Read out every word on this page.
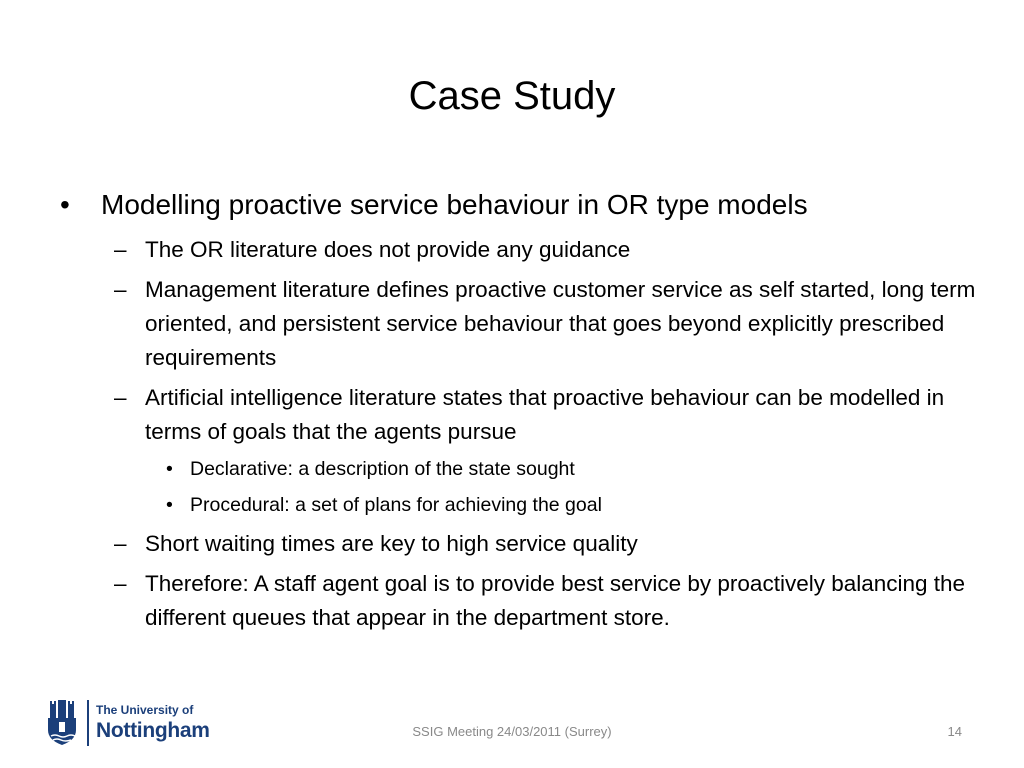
Case Study
• Modelling proactive service behaviour in OR type models
– The OR literature does not provide any guidance
– Management literature defines proactive customer service as self started, long term oriented, and persistent service behaviour that goes beyond explicitly prescribed requirements
– Artificial intelligence literature states that proactive behaviour can be modelled in terms of goals that the agents pursue
• Declarative: a description of the state sought
• Procedural: a set of plans for achieving the goal
– Short waiting times are key to high service quality
– Therefore: A staff agent goal is to provide best service by proactively balancing the different queues that appear in the department store.
The University of
Nottingham	SSIG Meeting 24/03/2011 (Surrey)	14
